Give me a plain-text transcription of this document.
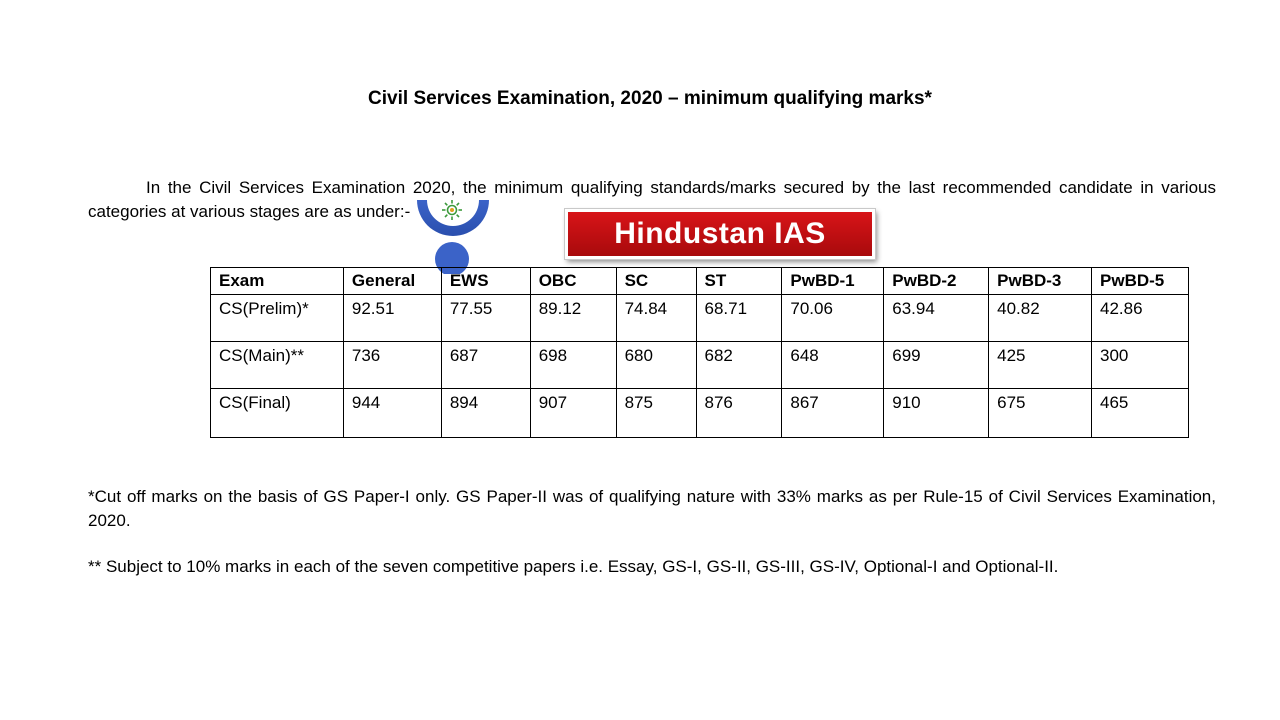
Civil Services Examination, 2020 – minimum qualifying marks*
In the Civil Services Examination 2020, the minimum qualifying standards/marks secured by the last recommended candidate in various categories at various stages are as under:-
Hindustan IAS
Exam	General	EWS	OBC	SC	ST	PwBD-1	PwBD-2	PwBD-3	PwBD-5
CS(Prelim)*	92.51	77.55	89.12	74.84	68.71	70.06	63.94	40.82	42.86
CS(Main)**	736	687	698	680	682	648	699	425	300
CS(Final)	944	894	907	875	876	867	910	675	465
*Cut off marks on the basis of GS Paper-I only. GS Paper-II was of qualifying nature with 33% marks as per Rule-15 of Civil Services Examination, 2020.
** Subject to 10% marks in each of the seven competitive papers i.e. Essay, GS-I, GS-II, GS-III, GS-IV, Optional-I and Optional-II.
